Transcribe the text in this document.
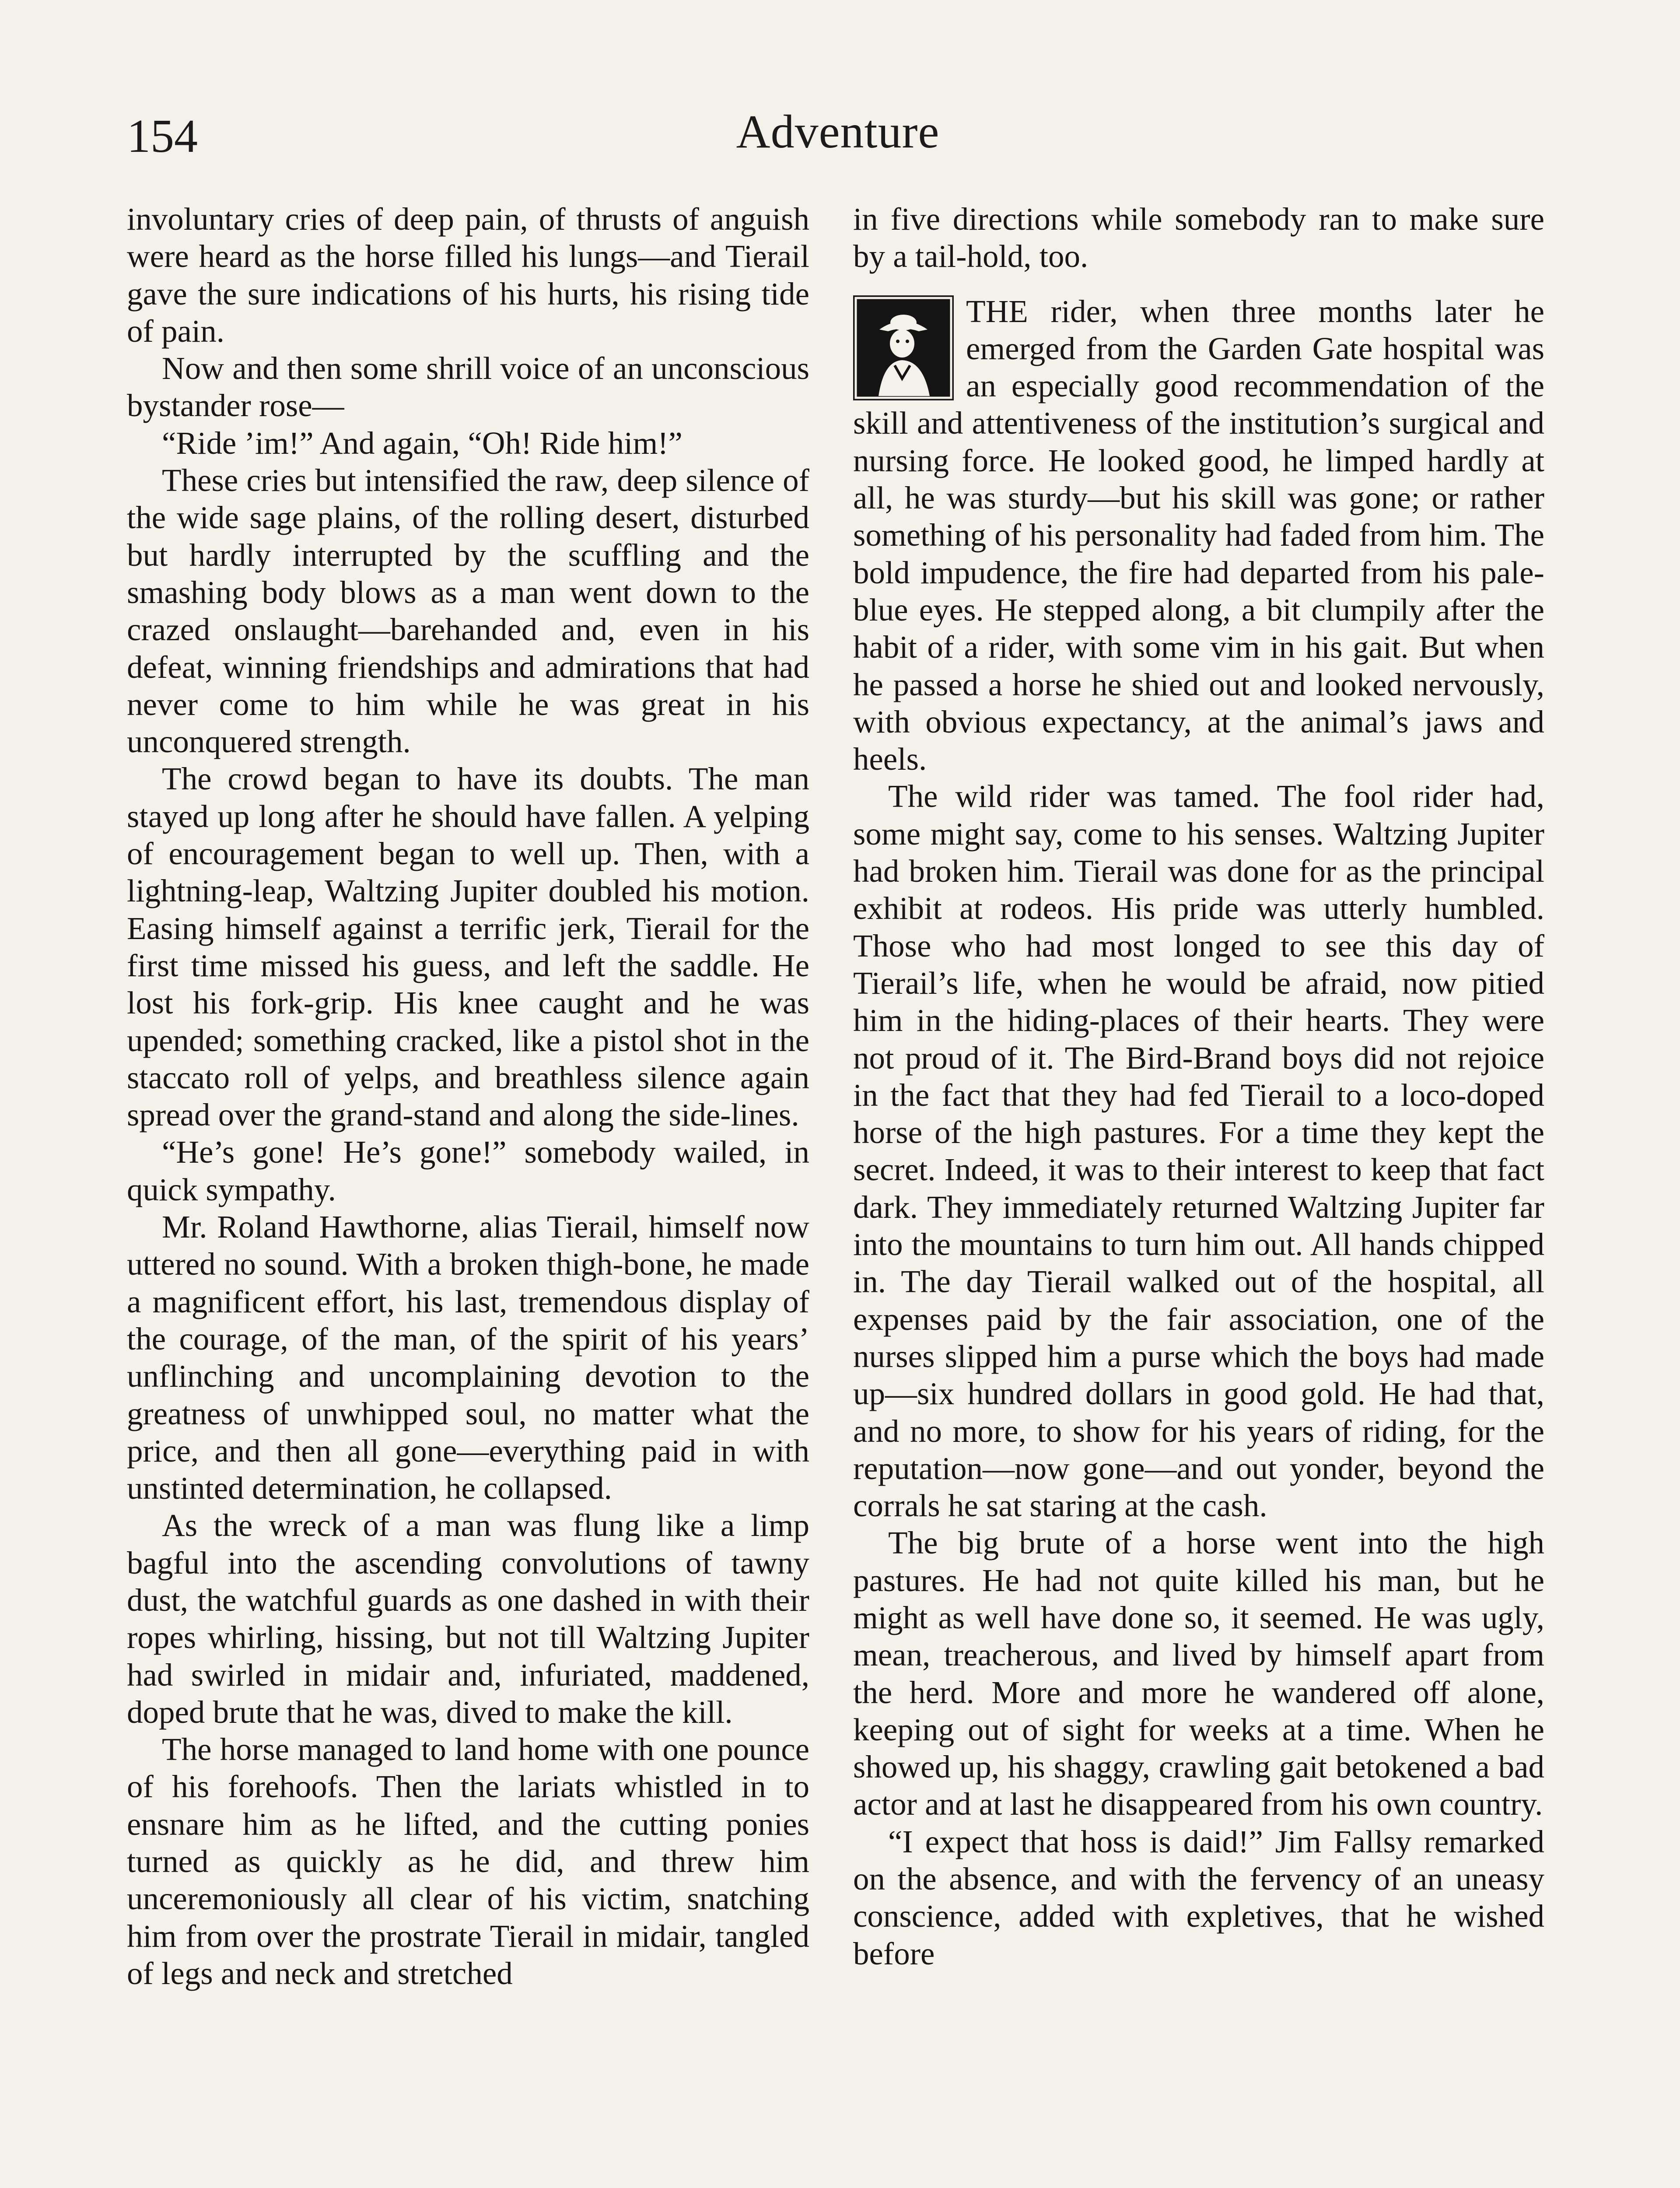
154	Adventure

involuntary cries of deep pain, of thrusts of anguish were heard as the horse filled his lungs—and Tierail gave the sure indications of his hurts, his rising tide of pain.

Now and then some shrill voice of an unconscious bystander rose—

“Ride ’im!” And again, “Oh! Ride him!”

These cries but intensified the raw, deep silence of the wide sage plains, of the rolling desert, disturbed but hardly interrupted by the scuffling and the smashing body blows as a man went down to the crazed onslaught—barehanded and, even in his defeat, winning friendships and admirations that had never come to him while he was great in his unconquered strength.

The crowd began to have its doubts. The man stayed up long after he should have fallen. A yelping of encouragement began to well up. Then, with a lightning-leap, Waltzing Jupiter doubled his motion. Easing himself against a terrific jerk, Tierail for the first time missed his guess, and left the saddle. He lost his fork-grip. His knee caught and he was upended; something cracked, like a pistol shot in the staccato roll of yelps, and breathless silence again spread over the grand-stand and along the side-lines.

“He’s gone! He’s gone!” somebody wailed, in quick sympathy.

Mr. Roland Hawthorne, alias Tierail, himself now uttered no sound. With a broken thigh-bone, he made a magnificent effort, his last, tremendous display of the courage, of the man, of the spirit of his years’ unflinching and uncomplaining devotion to the greatness of unwhipped soul, no matter what the price, and then all gone—everything paid in with unstinted determination, he collapsed.

As the wreck of a man was flung like a limp bagful into the ascending convolutions of tawny dust, the watchful guards as one dashed in with their ropes whirling, hissing, but not till Waltzing Jupiter had swirled in midair and, infuriated, maddened, doped brute that he was, dived to make the kill.

The horse managed to land home with one pounce of his forehoofs. Then the lariats whistled in to ensnare him as he lifted, and the cutting ponies turned as quickly as he did, and threw him unceremoniously all clear of his victim, snatching him from over the prostrate Tierail in midair, tangled of legs and neck and stretched

in five directions while somebody ran to make sure by a tail-hold, too.

THE rider, when three months later he emerged from the Garden Gate hospital was an especially good recommendation of the skill and attentiveness of the institution’s surgical and nursing force. He looked good, he limped hardly at all, he was sturdy—but his skill was gone; or rather something of his personality had faded from him. The bold impudence, the fire had departed from his pale-blue eyes. He stepped along, a bit clumpily after the habit of a rider, with some vim in his gait. But when he passed a horse he shied out and looked nervously, with obvious expectancy, at the animal’s jaws and heels.

The wild rider was tamed. The fool rider had, some might say, come to his senses. Waltzing Jupiter had broken him. Tierail was done for as the principal exhibit at rodeos. His pride was utterly humbled. Those who had most longed to see this day of Tierail’s life, when he would be afraid, now pitied him in the hiding-places of their hearts. They were not proud of it. The Bird-Brand boys did not rejoice in the fact that they had fed Tierail to a loco-doped horse of the high pastures. For a time they kept the secret. Indeed, it was to their interest to keep that fact dark. They immediately returned Waltzing Jupiter far into the mountains to turn him out. All hands chipped in. The day Tierail walked out of the hospital, all expenses paid by the fair association, one of the nurses slipped him a purse which the boys had made up—six hundred dollars in good gold. He had that, and no more, to show for his years of riding, for the reputation—now gone—and out yonder, beyond the corrals he sat staring at the cash.

The big brute of a horse went into the high pastures. He had not quite killed his man, but he might as well have done so, it seemed. He was ugly, mean, treacherous, and lived by himself apart from the herd. More and more he wandered off alone, keeping out of sight for weeks at a time. When he showed up, his shaggy, crawling gait betokened a bad actor and at last he disappeared from his own country.

“I expect that hoss is daid!” Jim Fallsy remarked on the absence, and with the fervency of an uneasy conscience, added with expletives, that he wished before
